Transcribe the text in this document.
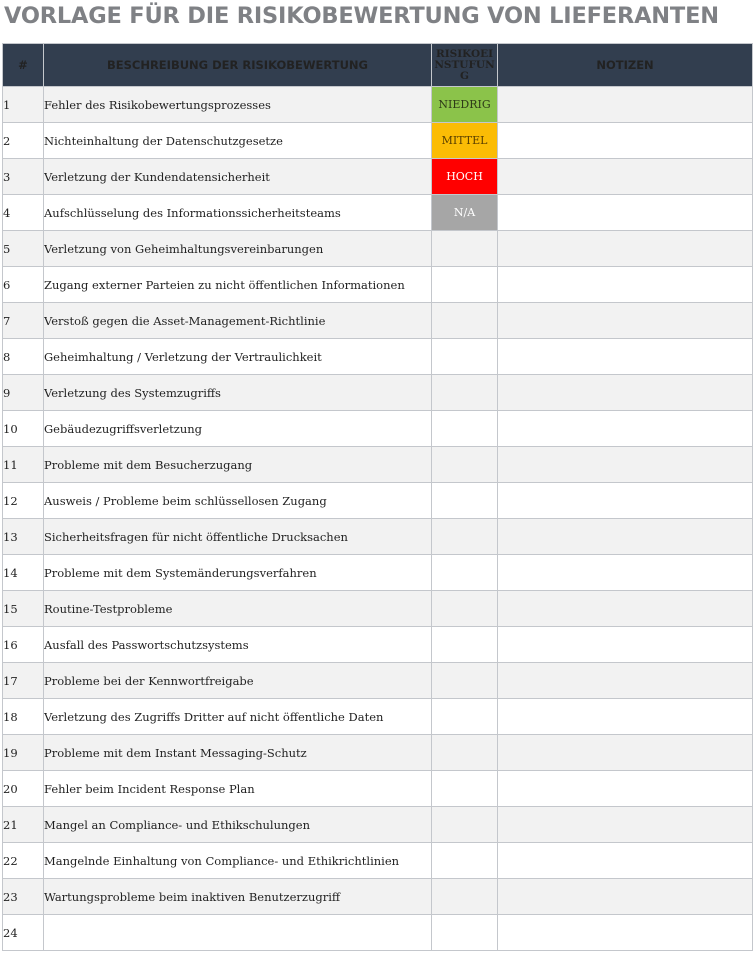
VORLAGE FÜR DIE RISIKOBEWERTUNG VON LIEFERANTEN
#	BESCHREIBUNG DER RISIKOBEWERTUNG	RISIKOEINSTUFUNG	NOTIZEN
1	Fehler des Risikobewertungsprozesses	NIEDRIG	
2	Nichteinhaltung der Datenschutzgesetze	MITTEL	
3	Verletzung der Kundendatensicherheit	HOCH	
4	Aufschlüsselung des Informationssicherheitsteams	N/A	
5	Verletzung von Geheimhaltungsvereinbarungen		
6	Zugang externer Parteien zu nicht öffentlichen Informationen		
7	Verstoß gegen die Asset-Management-Richtlinie		
8	Geheimhaltung / Verletzung der Vertraulichkeit		
9	Verletzung des Systemzugriffs		
10	Gebäudezugriffsverletzung		
11	Probleme mit dem Besucherzugang		
12	Ausweis / Probleme beim schlüssellosen Zugang		
13	Sicherheitsfragen für nicht öffentliche Drucksachen		
14	Probleme mit dem Systemänderungsverfahren		
15	Routine-Testprobleme		
16	Ausfall des Passwortschutzsystems		
17	Probleme bei der Kennwortfreigabe		
18	Verletzung des Zugriffs Dritter auf nicht öffentliche Daten		
19	Probleme mit dem Instant Messaging-Schutz		
20	Fehler beim Incident Response Plan		
21	Mangel an Compliance- und Ethikschulungen		
22	Mangelnde Einhaltung von Compliance- und Ethikrichtlinien		
23	Wartungsprobleme beim inaktiven Benutzerzugriff		
24			
